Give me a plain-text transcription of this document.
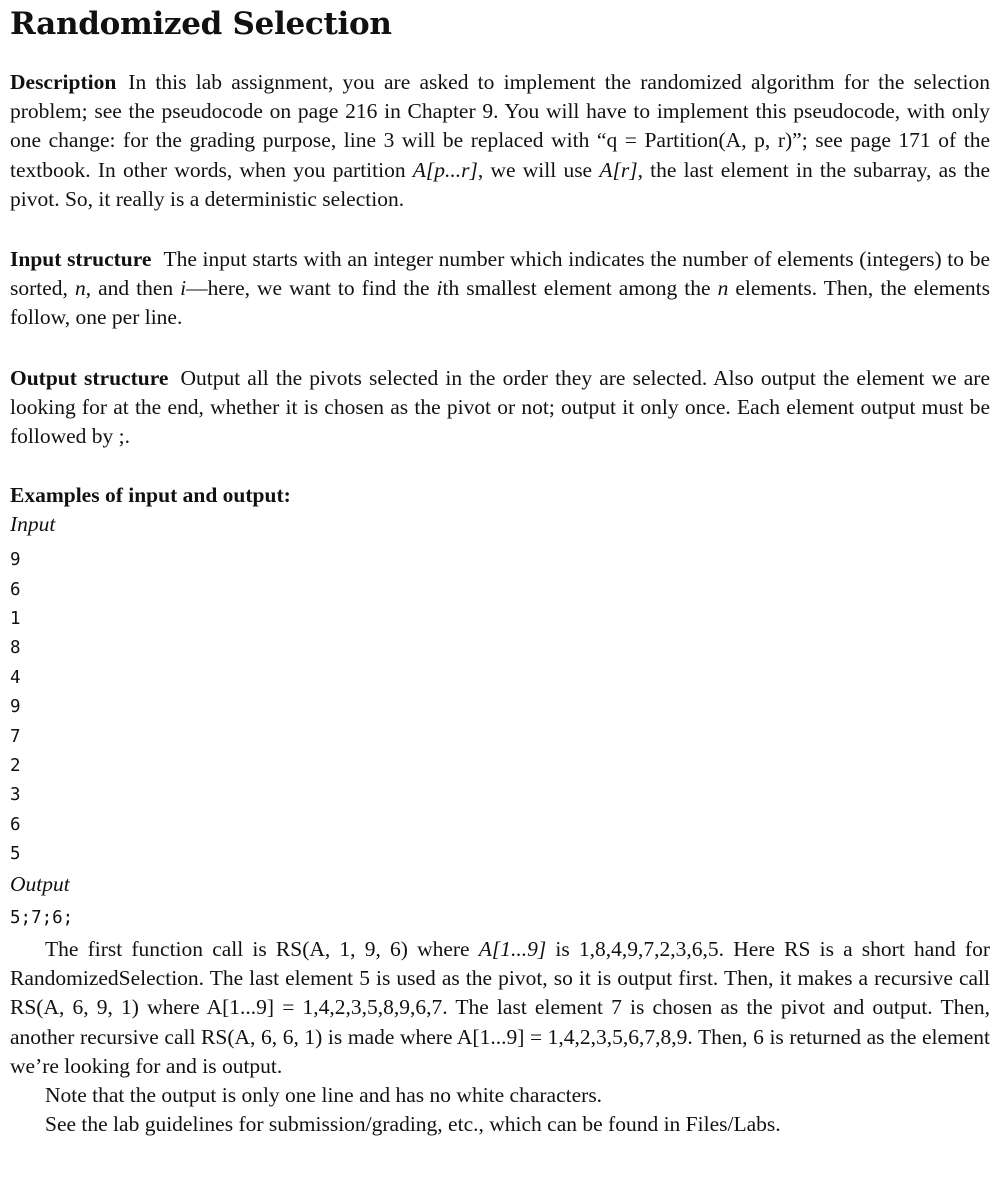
Randomized Selection

Description In this lab assignment, you are asked to implement the randomized algorithm for the selection problem; see the pseudocode on page 216 in Chapter 9. You will have to implement this pseudocode, with only one change: for the grading purpose, line 3 will be replaced with “q = Partition(A, p, r)”; see page 171 of the textbook. In other words, when you partition A[p...r], we will use A[r], the last element in the subarray, as the pivot. So, it really is a deterministic selection.

Input structure The input starts with an integer number which indicates the number of elements (integers) to be sorted, n, and then i—here, we want to find the ith smallest element among the n elements. Then, the elements follow, one per line.

Output structure Output all the pivots selected in the order they are selected. Also output the element we are looking for at the end, whether it is chosen as the pivot or not; output it only once. Each element output must be followed by ;.

Examples of input and output:
Input
9
6
1
8
4
9
7
2
3
6
5
Output
5;7;6;

The first function call is RS(A, 1, 9, 6) where A[1...9] is 1,8,4,9,7,2,3,6,5. Here RS is a short hand for RandomizedSelection. The last element 5 is used as the pivot, so it is output first. Then, it makes a recursive call RS(A, 6, 9, 1) where A[1...9] = 1,4,2,3,5,8,9,6,7. The last element 7 is chosen as the pivot and output. Then, another recursive call RS(A, 6, 6, 1) is made where A[1...9] = 1,4,2,3,5,6,7,8,9. Then, 6 is returned as the element we’re looking for and is output.

Note that the output is only one line and has no white characters.

See the lab guidelines for submission/grading, etc., which can be found in Files/Labs.
